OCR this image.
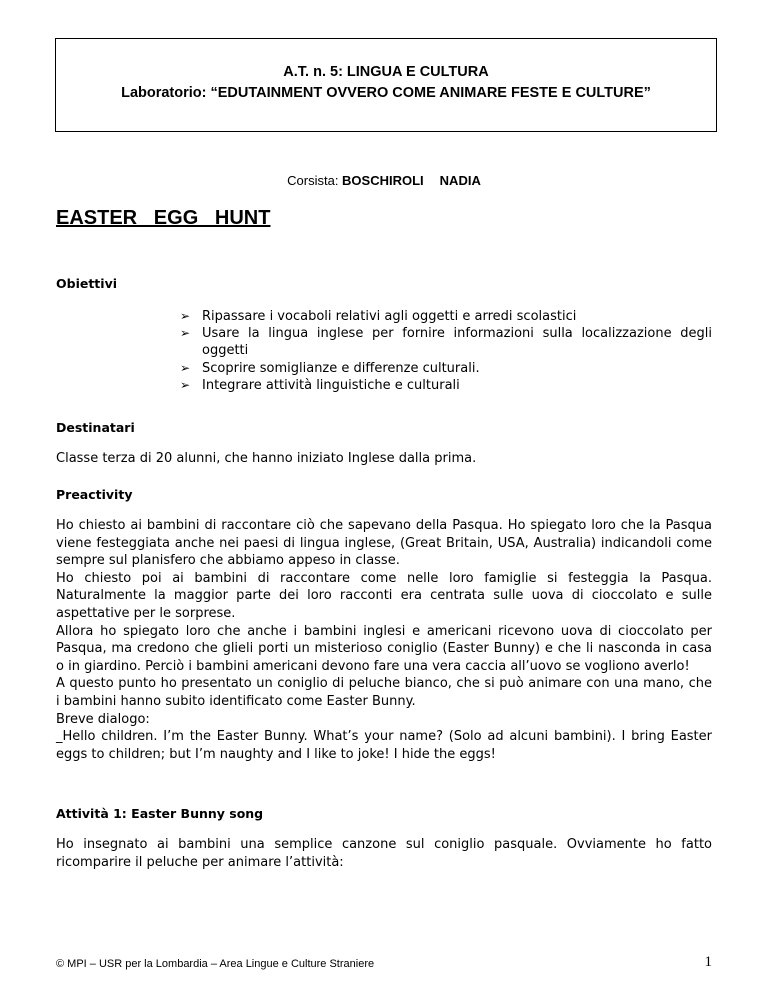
A.T. n. 5: LINGUA E CULTURA
Laboratorio: “EDUTAINMENT OVVERO COME ANIMARE FESTE E CULTURE”
Corsista: BOSCHIROLI NADIA
EASTER   EGG   HUNT
Obiettivi
➢ Ripassare i vocaboli relativi agli oggetti e arredi scolastici
➢ Usare la lingua inglese per fornire informazioni sulla localizzazione degli oggetti
➢ Scoprire somiglianze e differenze culturali.
➢ Integrare attività linguistiche e culturali
Destinatari
Classe terza di 20 alunni, che hanno iniziato Inglese dalla prima.
Preactivity
Ho chiesto ai bambini di raccontare ciò che sapevano della Pasqua. Ho spiegato loro che la Pasqua viene festeggiata anche nei paesi di lingua inglese, (Great Britain, USA, Australia) indicandoli come sempre sul planisfero che abbiamo appeso in classe.
Ho chiesto poi ai bambini di raccontare come nelle loro famiglie si festeggia la Pasqua. Naturalmente la maggior parte dei loro racconti era centrata sulle uova di cioccolato e sulle aspettative per le sorprese.
Allora ho spiegato loro che anche i bambini inglesi e americani ricevono uova di cioccolato per Pasqua, ma credono che glieli porti un misterioso coniglio (Easter Bunny) e che li nasconda in casa o in giardino. Perciò i bambini americani devono fare una vera caccia all’uovo se vogliono averlo!
A questo punto ho presentato un coniglio di peluche bianco, che si può animare con una mano, che i bambini hanno subito identificato come Easter Bunny.
Breve dialogo:
_Hello children. I’m the Easter Bunny. What’s your name? (Solo ad alcuni bambini). I bring Easter eggs to children; but I’m naughty and I like to joke! I hide the eggs!
Attività 1: Easter Bunny song
Ho insegnato ai bambini una semplice canzone sul coniglio pasquale. Ovviamente ho fatto ricomparire il peluche per animare l’attività:
© MPI – USR per la Lombardia – Area Lingue e Culture Straniere	1
